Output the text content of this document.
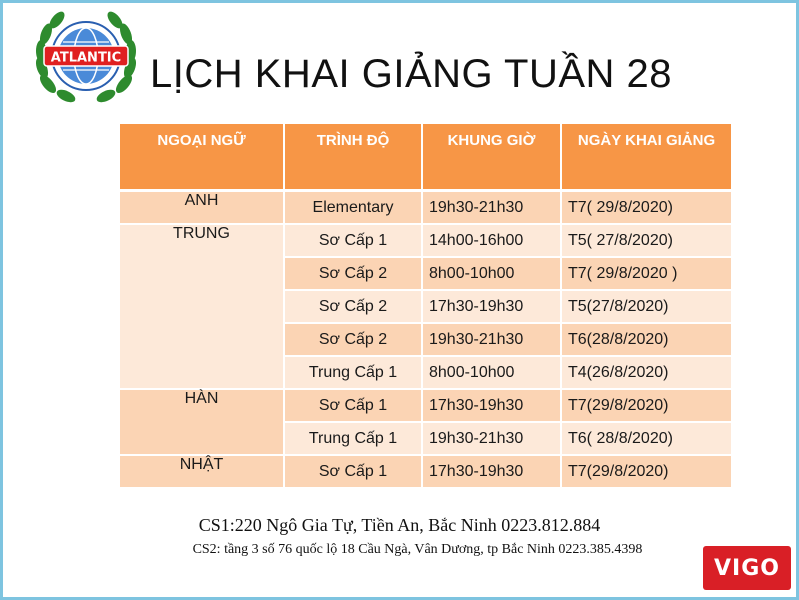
ATLANTIC LỊCH KHAI GIẢNG TUẦN 28
NGOẠI NGỮ	TRÌNH ĐỘ	KHUNG GIỜ	NGÀY KHAI GIẢNG
ANH	Elementary	19h30-21h30	T7( 29/8/2020)
TRUNG	Sơ Cấp 1	14h00-16h00	T5( 27/8/2020)
	Sơ Cấp 2	8h00-10h00	T7( 29/8/2020 )
	Sơ Cấp 2	17h30-19h30	T5(27/8/2020)
	Sơ Cấp 2	19h30-21h30	T6(28/8/2020)
	Trung Cấp 1	8h00-10h00	T4(26/8/2020)
HÀN	Sơ Cấp 1	17h30-19h30	T7(29/8/2020)
	Trung Cấp 1	19h30-21h30	T6( 28/8/2020)
NHẬT	Sơ Cấp 1	17h30-19h30	T7(29/8/2020)
CS1:220 Ngô Gia Tự, Tiền An, Bắc Ninh 0223.812.884
CS2: tầng 3 số 76 quốc lộ 18 Cầu Ngà, Vân Dương, tp Bắc Ninh 0223.385.4398
VIGO
